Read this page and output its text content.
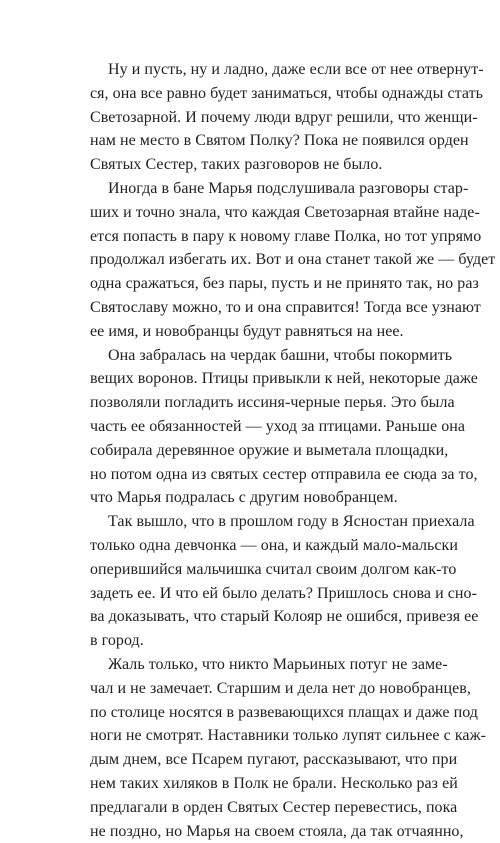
Ну и пусть, ну и ладно, даже если все от нее отвернут-
ся, она все равно будет заниматься, чтобы однажды стать
Светозарной. И почему люди вдруг решили, что женщи-
нам не место в Святом Полку? Пока не появился орден
Святых Сестер, таких разговоров не было.
Иногда в бане Марья подслушивала разговоры стар-
ших и точно знала, что каждая Светозарная втайне наде-
ется попасть в пару к новому главе Полка, но тот упрямо
продолжал избегать их. Вот и она станет такой же — будет
одна сражаться, без пары, пусть и не принято так, но раз
Святославу можно, то и она справится! Тогда все узнают
ее имя, и новобранцы будут равняться на нее.
Она забралась на чердак башни, чтобы покормить
вещих воронов. Птицы привыкли к ней, некоторые даже
позволяли погладить иссиня-черные перья. Это была
часть ее обязанностей — уход за птицами. Раньше она
собирала деревянное оружие и выметала площадки,
но потом одна из святых сестер отправила ее сюда за то,
что Марья подралась с другим новобранцем.
Так вышло, что в прошлом году в Ясностан приехала
только одна девчонка — она, и каждый мало-мальски
оперившийся мальчишка считал своим долгом как-то
задеть ее. И что ей было делать? Пришлось снова и сно-
ва доказывать, что старый Колояр не ошибся, привезя ее
в город.
Жаль только, что никто Марьиных потуг не заме-
чал и не замечает. Старшим и дела нет до новобранцев,
по столице носятся в развевающихся плащах и даже под
ноги не смотрят. Наставники только лупят сильнее с каж-
дым днем, все Псарем пугают, рассказывают, что при
нем таких хиляков в Полк не брали. Несколько раз ей
предлагали в орден Святых Сестер перевестись, пока
не поздно, но Марья на своем стояла, да так отчаянно,
